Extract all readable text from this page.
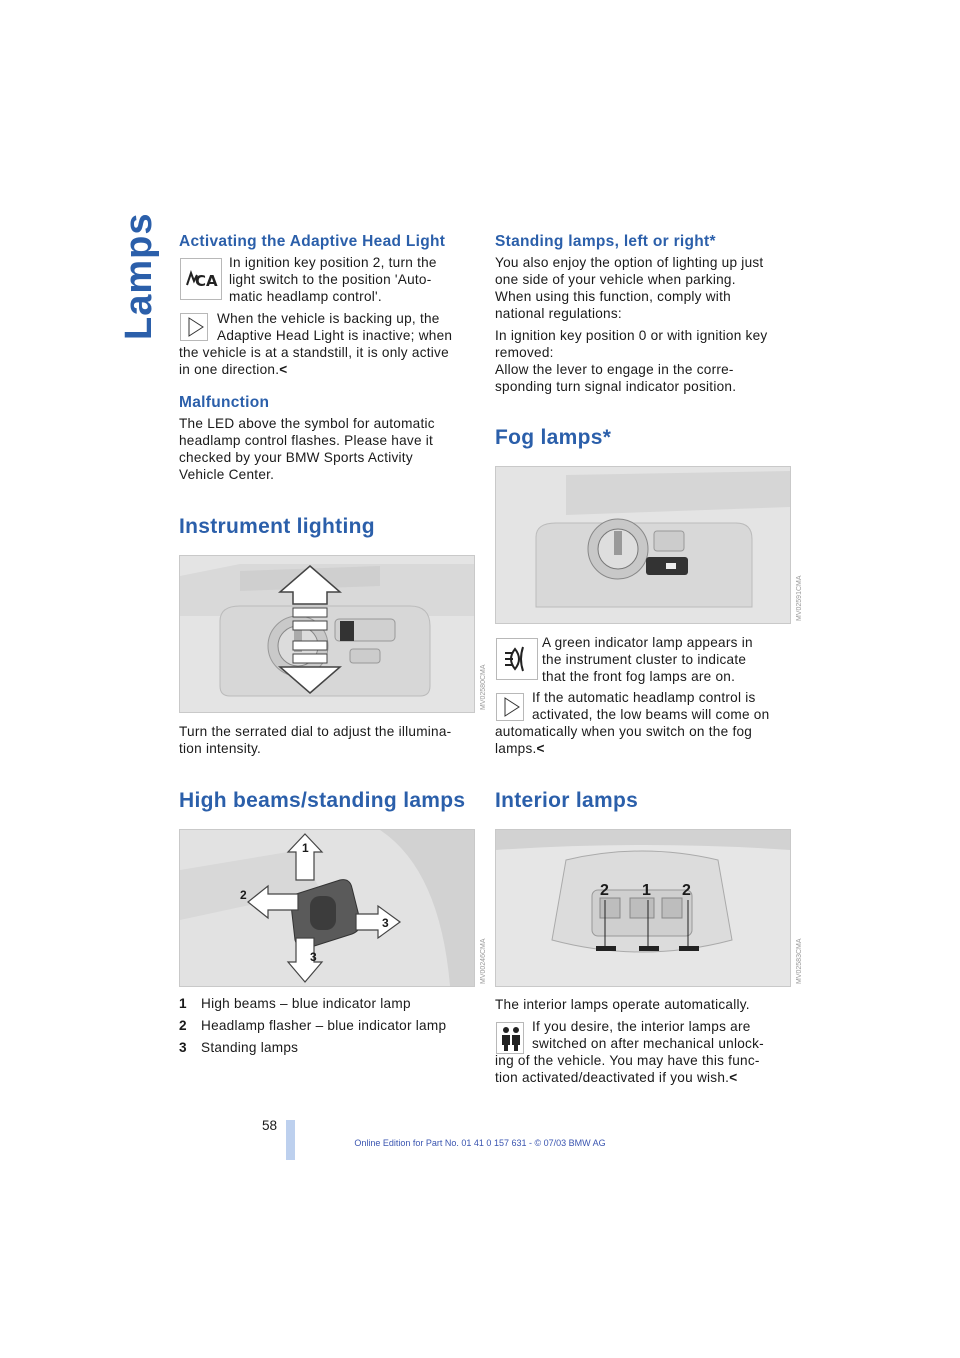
Lamps Activating the Adaptive Head Light
CA
In ignition key position 2, turn the
light switch to the position 'Auto-
matic headlamp control'.
When the vehicle is backing up, the
Adaptive Head Light is inactive; when
the vehicle is at a standstill, it is only active
in one direction.<
Malfunction
The LED above the symbol for automatic
headlamp control flashes. Please have it
checked by your BMW Sports Activity
Vehicle Center.
Instrument lighting
MV02580CMA
Turn the serrated dial to adjust the illumina-
tion intensity.
High beams/standing lamps
1
2
3
3	MV00246CMA
1 High beams – blue indicator lamp
2 Headlamp flasher – blue indicator lamp
3 Standing lamps
Standing lamps, left or right*
You also enjoy the option of lighting up just
one side of your vehicle when parking.
When using this function, comply with
national regulations:
In ignition key position 0 or with ignition key
removed:
Allow the lever to engage in the corre-
sponding turn signal indicator position.
Fog lamps*
MV02591CMA
A green indicator lamp appears in
the instrument cluster to indicate
that the front fog lamps are on.
If the automatic headlamp control is
activated, the low beams will come on
automatically when you switch on the fog
lamps.<
Interior lamps
2 1 2
MV02583CMA
The interior lamps operate automatically.
If you desire, the interior lamps are
switched on after mechanical unlock-
ing of the vehicle. You may have this func-
tion activated/deactivated if you wish.<
58
Online Edition for Part No. 01 41 0 157 631 - © 07/03 BMW AG
